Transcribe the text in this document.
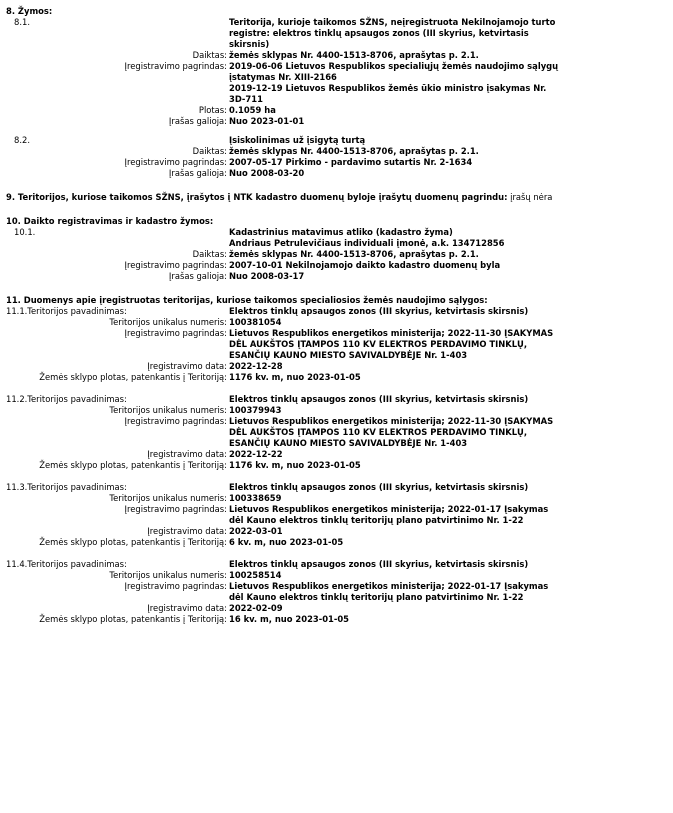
8. Žymos:
8.1.	Teritorija, kurioje taikomos SŽNS, neįregistruota Nekilnojamojo turto
registre: elektros tinklų apsaugos zonos (III skyrius, ketvirtasis
skirsnis)
Daiktas: žemės sklypas Nr. 4400-1513-8706, aprašytas p. 2.1.
Įregistravimo pagrindas: 2019-06-06 Lietuvos Respublikos specialiųjų žemės naudojimo sąlygų
įstatymas Nr. XIII-2166
2019-12-19 Lietuvos Respublikos žemės ūkio ministro įsakymas Nr.
3D-711
Plotas: 0.1059 ha
Įrašas galioja: Nuo 2023-01-01
8.2.	Įsiskolinimas už įsigytą turtą
Daiktas: žemės sklypas Nr. 4400-1513-8706, aprašytas p. 2.1.
Įregistravimo pagrindas: 2007-05-17 Pirkimo - pardavimo sutartis Nr. 2-1634
Įrašas galioja: Nuo 2008-03-20
9. Teritorijos, kuriose taikomos SŽNS, įrašytos į NTK kadastro duomenų byloje įrašytų duomenų pagrindu: įrašų nėra
10. Daikto registravimas ir kadastro žymos:
10.1.	Kadastrinius matavimus atliko (kadastro žyma)
Andriaus Petrulevičiaus individuali įmonė, a.k. 134712856
Daiktas: žemės sklypas Nr. 4400-1513-8706, aprašytas p. 2.1.
Įregistravimo pagrindas: 2007-10-01 Nekilnojamojo daikto kadastro duomenų byla
Įrašas galioja: Nuo 2008-03-17
11. Duomenys apie įregistruotas teritorijas, kuriose taikomos specialiosios žemės naudojimo sąlygos:
11.1.Teritorijos pavadinimas:	Elektros tinklų apsaugos zonos (III skyrius, ketvirtasis skirsnis)
Teritorijos unikalus numeris: 100381054
Įregistravimo pagrindas: Lietuvos Respublikos energetikos ministerija; 2022-11-30 ĮSAKYMAS
DĖL AUKŠTOS ĮTAMPOS 110 KV ELEKTROS PERDAVIMO TINKLŲ,
ESANČIŲ KAUNO MIESTO SAVIVALDYBĖJE Nr. 1-403
Įregistravimo data: 2022-12-28
Žemės sklypo plotas, patenkantis į Teritoriją: 1176 kv. m, nuo 2023-01-05
11.2.Teritorijos pavadinimas:	Elektros tinklų apsaugos zonos (III skyrius, ketvirtasis skirsnis)
Teritorijos unikalus numeris: 100379943
Įregistravimo pagrindas: Lietuvos Respublikos energetikos ministerija; 2022-11-30 ĮSAKYMAS
DĖL AUKŠTOS ĮTAMPOS 110 KV ELEKTROS PERDAVIMO TINKLŲ,
ESANČIŲ KAUNO MIESTO SAVIVALDYBĖJE Nr. 1-403
Įregistravimo data: 2022-12-22
Žemės sklypo plotas, patenkantis į Teritoriją: 1176 kv. m, nuo 2023-01-05
11.3.Teritorijos pavadinimas:	Elektros tinklų apsaugos zonos (III skyrius, ketvirtasis skirsnis)
Teritorijos unikalus numeris: 100338659
Įregistravimo pagrindas: Lietuvos Respublikos energetikos ministerija; 2022-01-17 Įsakymas
dėl Kauno elektros tinklų teritorijų plano patvirtinimo Nr. 1-22
Įregistravimo data: 2022-03-01
Žemės sklypo plotas, patenkantis į Teritoriją: 6 kv. m, nuo 2023-01-05
11.4.Teritorijos pavadinimas:	Elektros tinklų apsaugos zonos (III skyrius, ketvirtasis skirsnis)
Teritorijos unikalus numeris: 100258514
Įregistravimo pagrindas: Lietuvos Respublikos energetikos ministerija; 2022-01-17 Įsakymas
dėl Kauno elektros tinklų teritorijų plano patvirtinimo Nr. 1-22
Įregistravimo data: 2022-02-09
Žemės sklypo plotas, patenkantis į Teritoriją: 16 kv. m, nuo 2023-01-05
